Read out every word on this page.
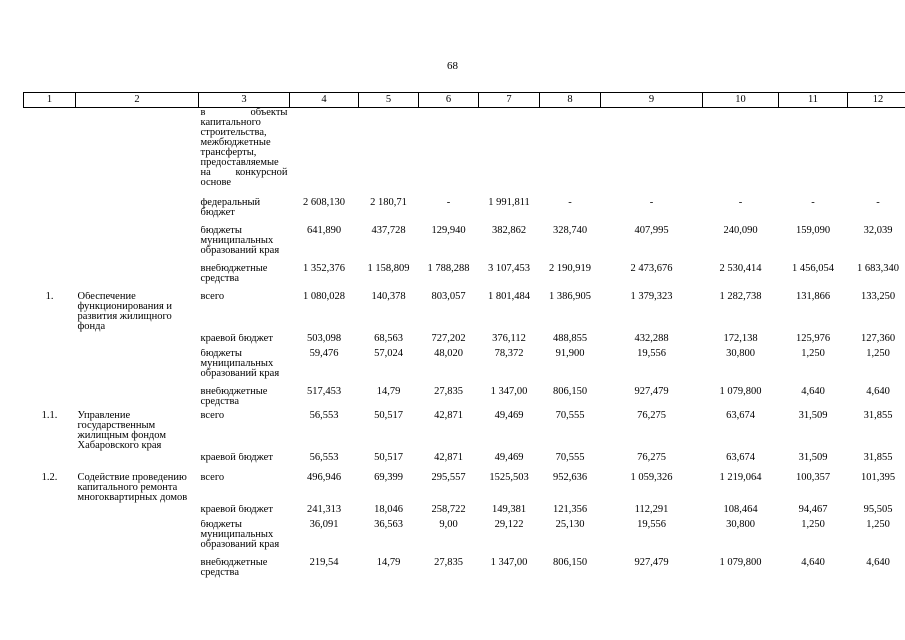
68
1	2	3	4	5	6	7	8	9	10	11	12
		в объекты капитального строительства, межбюджетные трансферты, предоставляемые на конкурсной основе									
		федеральный бюджет	2 608,130	2 180,71	-	1 991,811	-	-	-	-	-
		бюджеты муниципальных образований края	641,890	437,728	129,940	382,862	328,740	407,995	240,090	159,090	32,039
		внебюджетные средства	1 352,376	1 158,809	1 788,288	3 107,453	2 190,919	2 473,676	2 530,414	1 456,054	1 683,340
1.	Обеспечение функционирования и развития жилищного фонда	всего	1 080,028	140,378	803,057	1 801,484	1 386,905	1 379,323	1 282,738	131,866	133,250
		краевой бюджет	503,098	68,563	727,202	376,112	488,855	432,288	172,138	125,976	127,360
		бюджеты муниципальных образований края	59,476	57,024	48,020	78,372	91,900	19,556	30,800	1,250	1,250
		внебюджетные средства	517,453	14,79	27,835	1 347,00	806,150	927,479	1 079,800	4,640	4,640
1.1.	Управление государственным жилищным фондом Хабаровского края	всего	56,553	50,517	42,871	49,469	70,555	76,275	63,674	31,509	31,855
		краевой бюджет	56,553	50,517	42,871	49,469	70,555	76,275	63,674	31,509	31,855
1.2.	Содействие проведению капитального ремонта многоквартирных домов	всего	496,946	69,399	295,557	1525,503	952,636	1 059,326	1 219,064	100,357	101,395
		краевой бюджет	241,313	18,046	258,722	149,381	121,356	112,291	108,464	94,467	95,505
		бюджеты муниципальных образований края	36,091	36,563	9,00	29,122	25,130	19,556	30,800	1,250	1,250
		внебюджетные средства	219,54	14,79	27,835	1 347,00	806,150	927,479	1 079,800	4,640	4,640
